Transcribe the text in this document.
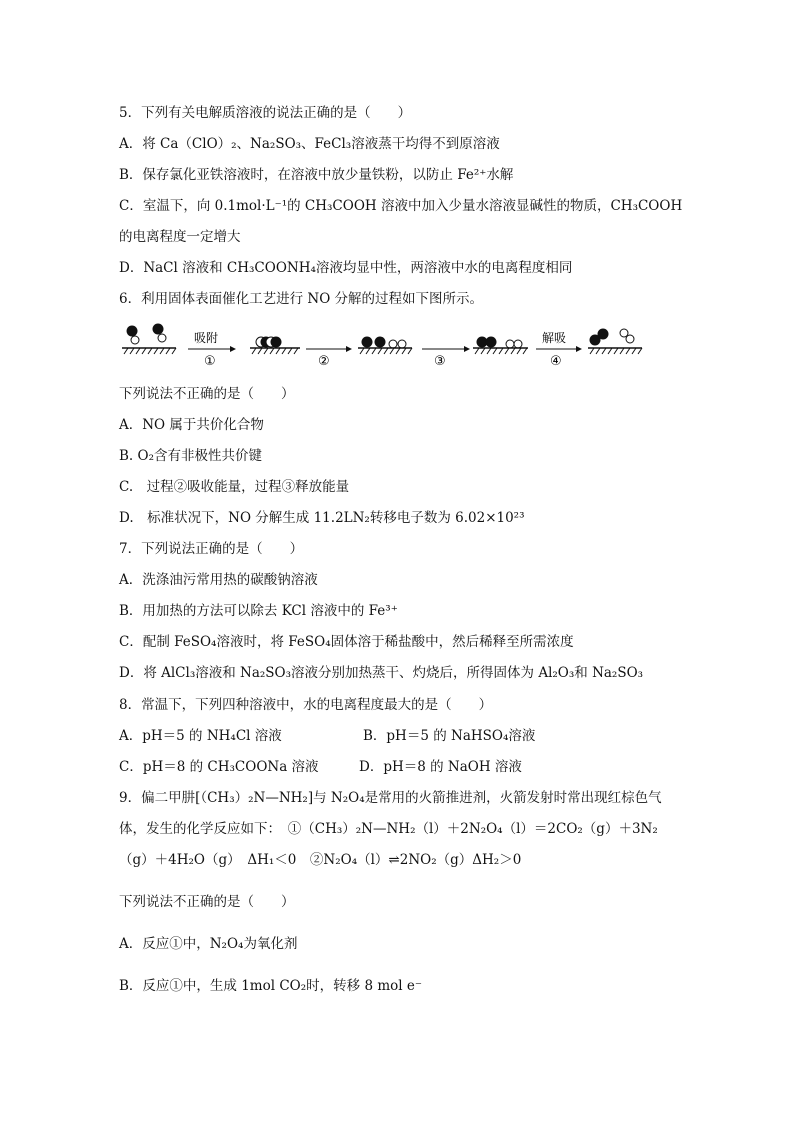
5．下列有关电解质溶液的说法正确的是（　　）
A．将 Ca（ClO）₂、Na₂SO₃、FeCl₃溶液蒸干均得不到原溶液
B．保存氯化亚铁溶液时，在溶液中放少量铁粉，以防止 Fe²⁺水解
C．室温下，向 0.1mol·L⁻¹的 CH₃COOH 溶液中加入少量水溶液显碱性的物质，CH₃COOH
的电离程度一定增大
D．NaCl 溶液和 CH₃COONH₄溶液均显中性，两溶液中水的电离程度相同
6．利用固体表面催化工艺进行 NO 分解的过程如下图所示。
吸附
①	②	③
解吸
④
下列说法不正确的是（　　）
A．NO 属于共价化合物
B. O₂含有非极性共价键
C.　过程②吸收能量，过程③释放能量
D.　标准状况下，NO 分解生成 11.2LN₂转移电子数为 6.02×10²³
7．下列说法正确的是（　　）
A．洗涤油污常用热的碳酸钠溶液
B．用加热的方法可以除去 KCl 溶液中的 Fe³⁺
C．配制 FeSO₄溶液时，将 FeSO₄固体溶于稀盐酸中，然后稀释至所需浓度
D．将 AlCl₃溶液和 Na₂SO₃溶液分别加热蒸干、灼烧后，所得固体为 Al₂O₃和 Na₂SO₃
8．常温下，下列四种溶液中，水的电离程度最大的是（　　）
A．pH＝5 的 NH₄Cl 溶液	B．pH＝5 的 NaHSO₄溶液
C．pH＝8 的 CH₃COONa 溶液	D．pH＝8 的 NaOH 溶液
9．偏二甲肼[（CH₃）₂N—NH₂]与 N₂O₄是常用的火箭推进剂，火箭发射时常出现红棕色气
体，发生的化学反应如下：　①（CH₃）₂N—NH₂（l）＋2N₂O₄（l）＝2CO₂（g）＋3N₂
（g）＋4H₂O（g）　ΔH₁＜0　②N₂O₄（l）⇌2NO₂（g）ΔH₂＞0
下列说法不正确的是（　　）
A．反应①中，N₂O₄为氧化剂
B．反应①中，生成 1mol CO₂时，转移 8 mol e⁻
